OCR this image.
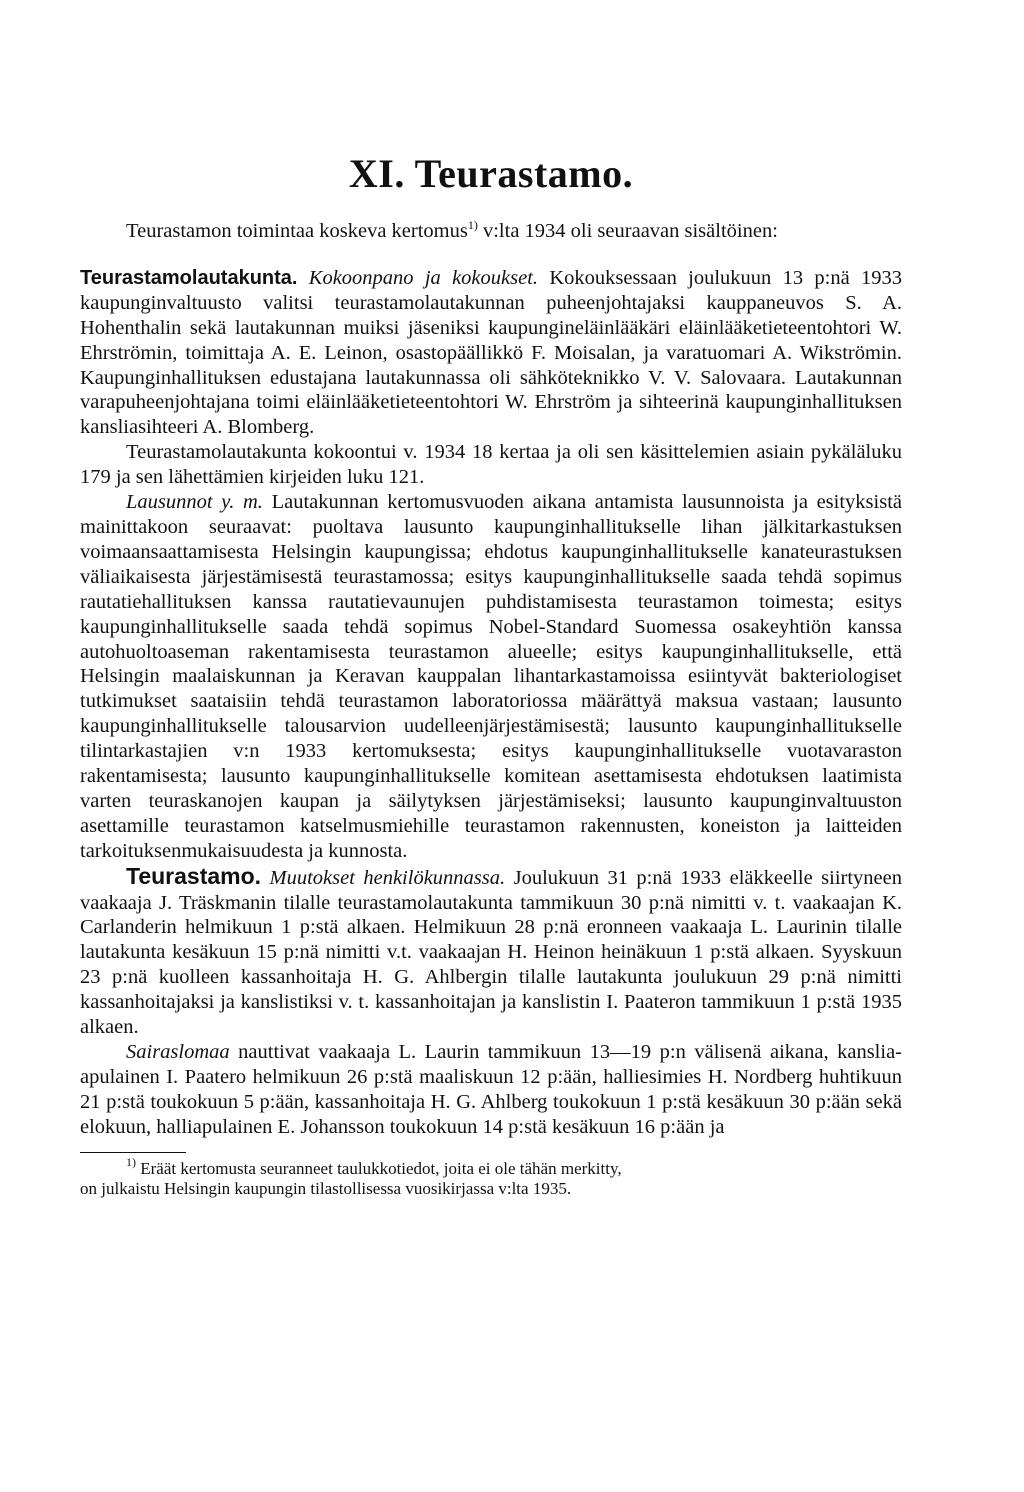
XI. Teurastamo.

Teurastamon toimintaa koskeva kertomus$^{1)}$ v:lta 1934 oli seuraavan sisältöinen:

Teurastamolautakunta. Kokoonpano ja kokoukset. Kokouksessaan joulukuun 13 p:nä 1933 kaupunginvaltuusto valitsi teurastamolautakunnan puheenjohtajaksi kauppaneuvos S. A. Hohenthalin sekä lautakunnan muiksi jäseniksi kaupungineläinlääkäri eläinlääketieteentohtori W. Ehrströmin, toimittaja A. E. Leinon, osastopäällikkö F. Moisalan, ja varatuomari A. Wikströmin. Kaupunginhallituksen edustajana lautakunnassa oli sähköteknikko V. V. Salovaara. Lautakunnan varapuheenjohtajana toimi eläinlääketieteentohtori W. Ehrström ja sihteerinä kaupunginhallituksen kansliasihteeri A. Blomberg.

Teurastamolautakunta kokoontui v. 1934 18 kertaa ja oli sen käsittelemien asiain pykäläluku 179 ja sen lähettämien kirjeiden luku 121.

Lausunnot y. m. Lautakunnan kertomusvuoden aikana antamista lausunnoista ja esityksistä mainittakoon seuraavat: puoltava lausunto kaupunginhallitukselle lihan jälkitarkastuksen voimaansaattamisesta Helsingin kaupungissa; ehdotus kaupunginhallitukselle kanateurastuksen väliaikaisesta järjestämisestä teurastamossa; esitys kaupunginhallitukselle saada tehdä sopimus rautatiehallituksen kanssa rautatievaunujen puhdistamisesta teurastamon toimesta; esitys kaupunginhallitukselle saada tehdä sopimus Nobel-Standard Suomessa osakeyhtiön kanssa autohuoltoaseman rakentamisesta teurastamon alueelle; esitys kaupunginhallitukselle, että Helsingin maalaiskunnan ja Keravan kauppalan lihantarkastamoissa esiintyvät bakteriologiset tutkimukset saataisiin tehdä teurastamon laboratoriossa määrättyä maksua vastaan; lausunto kaupunginhallitukselle talousarvion uudelleenjärjestämisestä; lausunto kaupunginhallitukselle tilintarkastajien v:n 1933 kertomuksesta; esitys kaupunginhallitukselle vuotavaraston rakentamisesta; lausunto kaupunginhallitukselle komitean asettamisesta ehdotuksen laatimista varten teuraskanojen kaupan ja säilytyksen järjestämiseksi; lausunto kaupunginvaltuuston asettamille teurastamon katselmusmiehille teurastamon rakennusten, koneiston ja laitteiden tarkoituksenmukaisuudesta ja kunnosta.

Teurastamo. Muutokset henkilökunnassa. Joulukuun 31 p:nä 1933 eläkkeelle siirtyneen vaakaaja J. Träskmanin tilalle teurastamolautakunta tammikuun 30 p:nä nimitti v. t. vaakaajan K. Carlanderin helmikuun 1 p:stä alkaen. Helmikuun 28 p:nä eronneen vaakaaja L. Laurinin tilalle lautakunta kesäkuun 15 p:nä nimitti v.t. vaakaajan H. Heinon heinäkuun 1 p:stä alkaen. Syyskuun 23 p:nä kuolleen kassanhoitaja H. G. Ahlbergin tilalle lautakunta joulukuun 29 p:nä nimitti kassanhoitajaksi ja kanslistiksi v. t. kassanhoitajan ja kanslistin I. Paateron tammikuun 1 p:stä 1935 alkaen.

Sairaslomaa nauttivat vaakaaja L. Laurin tammikuun 13—19 p:n välisenä aikana, kanslia-apulainen I. Paatero helmikuun 26 p:stä maaliskuun 12 p:ään, halliesimies H. Nordberg huhtikuun 21 p:stä toukokuun 5 p:ään, kassanhoitaja H. G. Ahlberg toukokuun 1 p:stä kesäkuun 30 p:ään sekä elokuun, halliapulainen E. Johansson toukokuun 14 p:stä kesäkuun 16 p:ään ja

$^{1)}$ Eräät kertomusta seuranneet taulukkotiedot, joita ei ole tähän merkitty,

on julkaistu Helsingin kaupungin tilastollisessa vuosikirjassa v:lta 1935.
